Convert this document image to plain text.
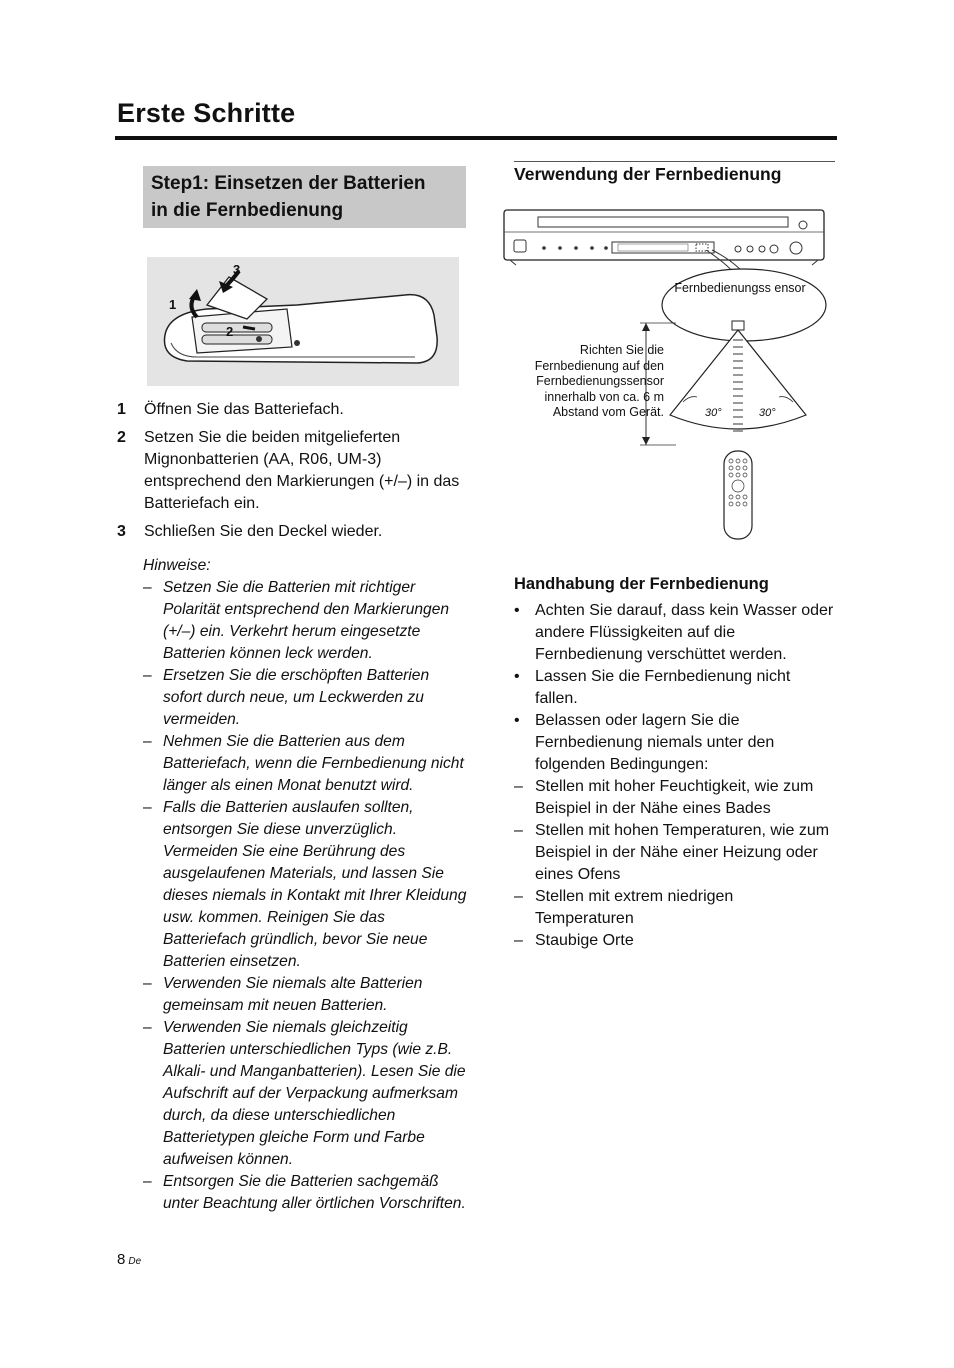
Erste Schritte
Step1: Einsetzen der Batterien
in die Fernbedienung
3
1
2
1 Öffnen Sie das Batteriefach.
2 Setzen Sie die beiden mitgelieferten Mignonbatterien (AA, R06, UM-3) entsprechend den Markierungen (+/–) in das Batteriefach ein.
3 Schließen Sie den Deckel wieder.
Hinweise:
– Setzen Sie die Batterien mit richtiger Polarität entsprechend den Markierungen (+/–) ein. Verkehrt herum eingesetzte Batterien können leck werden.
– Ersetzen Sie die erschöpften Batterien sofort durch neue, um Leckwerden zu vermeiden.
– Nehmen Sie die Batterien aus dem Batteriefach, wenn die Fernbedienung nicht länger als einen Monat benutzt wird.
– Falls die Batterien auslaufen sollten, entsorgen Sie diese unverzüglich. Vermeiden Sie eine Berührung des ausgelaufenen Materials, und lassen Sie dieses niemals in Kontakt mit Ihrer Kleidung usw. kommen. Reinigen Sie das Batteriefach gründlich, bevor Sie neue Batterien einsetzen.
– Verwenden Sie niemals alte Batterien gemeinsam mit neuen Batterien.
– Verwenden Sie niemals gleichzeitig Batterien unterschiedlichen Typs (wie z.B. Alkali- und Manganbatterien). Lesen Sie die Aufschrift auf der Verpackung aufmerksam durch, da diese unterschiedlichen Batterietypen gleiche Form und Farbe aufweisen können.
– Entsorgen Sie die Batterien sachgemäß unter Beachtung aller örtlichen Vorschriften.
8 De
Verwendung der Fernbedienung
Fernbedienungss ensor
Richten Sie die Fernbedienung auf den Fernbedienungssensor innerhalb von ca. 6 m Abstand vom Gerät.	30°	30°
Handhabung der Fernbedienung
• Achten Sie darauf, dass kein Wasser oder andere Flüssigkeiten auf die Fernbedienung verschüttet werden.
• Lassen Sie die Fernbedienung nicht fallen.
• Belassen oder lagern Sie die Fernbedienung niemals unter den folgenden Bedingungen:
– Stellen mit hoher Feuchtigkeit, wie zum Beispiel in der Nähe eines Bades
– Stellen mit hohen Temperaturen, wie zum Beispiel in der Nähe einer Heizung oder eines Ofens
– Stellen mit extrem niedrigen Temperaturen
– Staubige Orte
